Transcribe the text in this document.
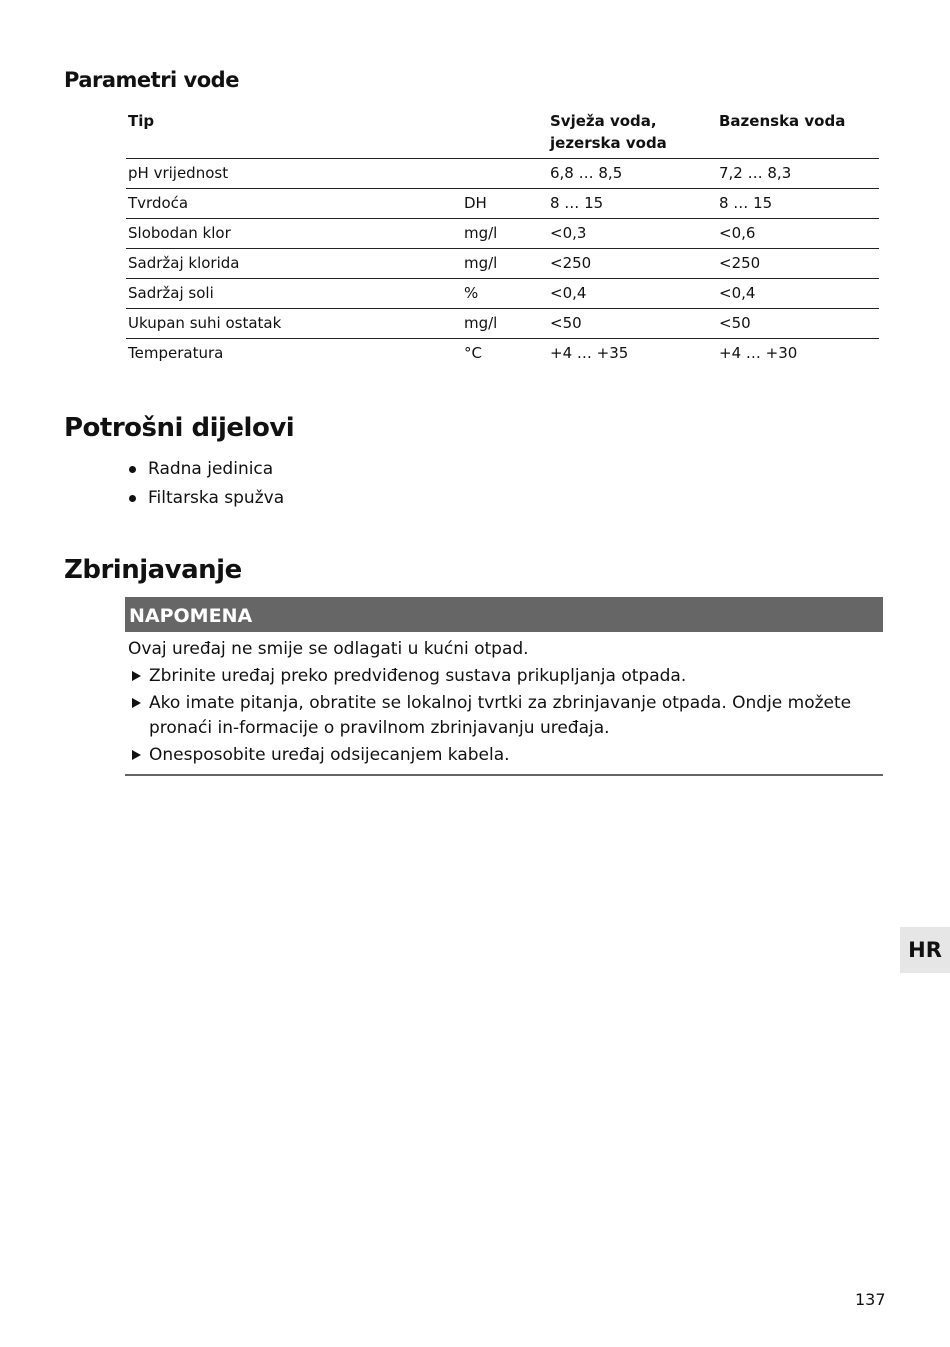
Parametri vode
Tip		Svježa voda, jezerska voda	Bazenska voda
pH vrijednost		6,8 … 8,5	7,2 … 8,3
Tvrdoća	DH	8 … 15	8 … 15
Slobodan klor	mg/l	<0,3	<0,6
Sadržaj klorida	mg/l	<250	<250
Sadržaj soli	%	<0,4	<0,4
Ukupan suhi ostatak	mg/l	<50	<50
Temperatura	°C	+4 … +35	+4 … +30
Potrošni dijelovi
Radna jedinica
Filtarska spužva
Zbrinjavanje
NAPOMENA
Ovaj uređaj ne smije se odlagati u kućni otpad.
Zbrinite uređaj preko predviđenog sustava prikupljanja otpada.
Ako imate pitanja, obratite se lokalnoj tvrtki za zbrinjavanje otpada. Ondje možete pronaći in-formacije o pravilnom zbrinjavanju uređaja.
Onesposobite uređaj odsijecanjem kabela.
HR
137
